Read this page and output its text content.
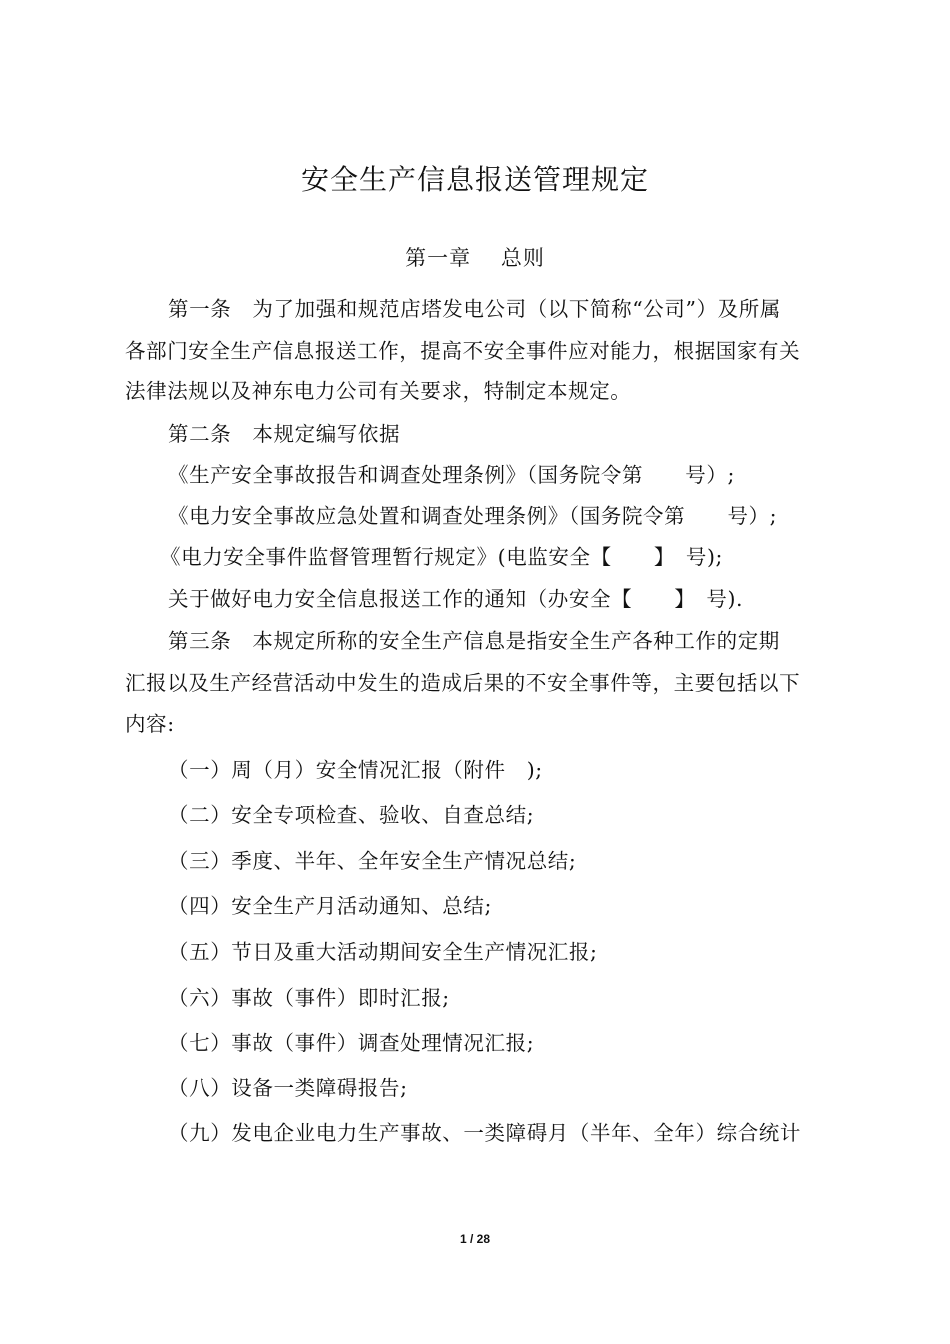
安全生产信息报送管理规定
第一章　 总则
第一条　为了加强和规范店塔发电公司（以下简称“公司”）及所属
各部门安全生产信息报送工作，提高不安全事件应对能力，根据国家有关
法律法规以及神东电力公司有关要求，特制定本规定。
第二条　本规定编写依据
《生产安全事故报告和调查处理条例》（国务院令第　　号）;
《电力安全事故应急处置和调查处理条例》（国务院令第　　号）;
《电力安全事件监督管理暂行规定》(电监安全【　　】　号);
关于做好电力安全信息报送工作的通知（办安全【　　】　号).
第三条　本规定所称的安全生产信息是指安全生产各种工作的定期
汇报以及生产经营活动中发生的造成后果的不安全事件等，主要包括以下
内容:
（一）周（月）安全情况汇报（附件　);
（二）安全专项检查、验收、自查总结;
（三）季度、半年、全年安全生产情况总结;
（四）安全生产月活动通知、总结;
（五）节日及重大活动期间安全生产情况汇报;
（六）事故（事件）即时汇报;
（七）事故（事件）调查处理情况汇报;
（八）设备一类障碍报告;
（九）发电企业电力生产事故、一类障碍月（半年、全年）综合统计
1 / 28
